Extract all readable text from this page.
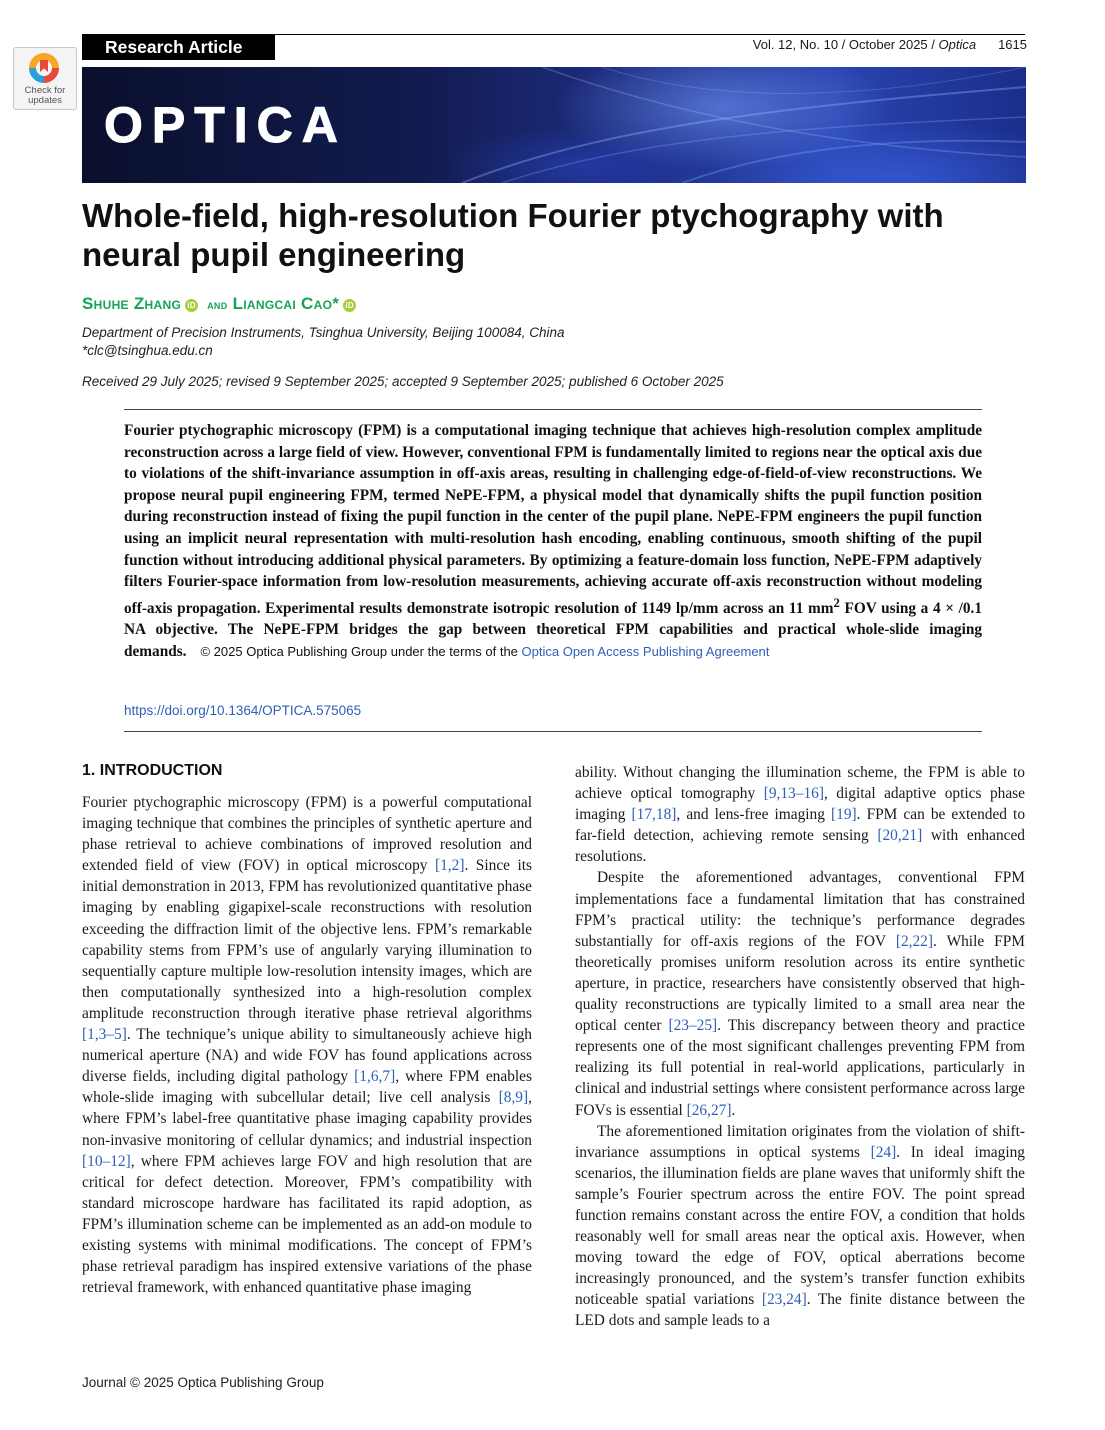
Check for
updates
Research Article	Vol. 12, No. 10 / October 2025 / Optica 1615
OPTICA
Whole-field, high-resolution Fourier ptychography with neural pupil engineering
Shuhe Zhang iD and Liangcai Cao* iD
Department of Precision Instruments, Tsinghua University, Beijing 100084, China
*clc@tsinghua.edu.cn
Received 29 July 2025; revised 9 September 2025; accepted 9 September 2025; published 6 October 2025

Fourier ptychographic microscopy (FPM) is a computational imaging technique that achieves high-resolution complex amplitude reconstruction across a large field of view. However, conventional FPM is fundamentally limited to regions near the optical axis due to violations of the shift-invariance assumption in off-axis areas, resulting in challenging edge-of-field-of-view reconstructions. We propose neural pupil engineering FPM, termed NePE-FPM, a physical model that dynamically shifts the pupil function position during reconstruction instead of fixing the pupil function in the center of the pupil plane. NePE-FPM engineers the pupil function using an implicit neural representation with multi-resolution hash encoding, enabling continuous, smooth shifting of the pupil function without introducing additional physical parameters. By optimizing a feature-domain loss function, NePE-FPM adaptively filters Fourier-space information from low-resolution measurements, achieving accurate off-axis reconstruction without modeling off-axis propagation. Experimental results demonstrate isotropic resolution of 1149 lp/mm across an 11 $mm^2$ FOV using a 4 × /0.1 NA objective. The NePE-FPM bridges the gap between theoretical FPM capabilities and practical whole-slide imaging demands. © 2025 Optica Publishing Group under the terms of the Optica Open Access Publishing Agreement

https://doi.org/10.1364/OPTICA.575065
1. INTRODUCTION

Fourier ptychographic microscopy (FPM) is a powerful computational imaging technique that combines the principles of synthetic aperture and phase retrieval to achieve combinations of improved resolution and extended field of view (FOV) in optical microscopy [1,2]. Since its initial demonstration in 2013, FPM has revolutionized quantitative phase imaging by enabling gigapixel-scale reconstructions with resolution exceeding the diffraction limit of the objective lens. FPM’s remarkable capability stems from FPM’s use of angularly varying illumination to sequentially capture multiple low-resolution intensity images, which are then computationally synthesized into a high-resolution complex amplitude reconstruction through iterative phase retrieval algorithms [1,3–5]. The technique’s unique ability to simultaneously achieve high numerical aperture (NA) and wide FOV has found applications across diverse fields, including digital pathology [1,6,7], where FPM enables whole-slide imaging with subcellular detail; live cell analysis [8,9], where FPM’s label-free quantitative phase imaging capability provides non-invasive monitoring of cellular dynamics; and industrial inspection [10–12], where FPM achieves large FOV and high resolution that are critical for defect detection. Moreover, FPM’s compatibility with standard microscope hardware has facilitated its rapid adoption, as FPM’s illumination scheme can be implemented as an add-on module to existing systems with minimal modifications. The concept of FPM’s phase retrieval paradigm has inspired extensive variations of the phase retrieval framework, with enhanced quantitative phase imaging

ability. Without changing the illumination scheme, the FPM is able to achieve optical tomography [9,13–16], digital adaptive optics phase imaging [17,18], and lens-free imaging [19]. FPM can be extended to far-field detection, achieving remote sensing [20,21] with enhanced resolutions.

Despite the aforementioned advantages, conventional FPM implementations face a fundamental limitation that has constrained FPM’s practical utility: the technique’s performance degrades substantially for off-axis regions of the FOV [2,22]. While FPM theoretically promises uniform resolution across its entire synthetic aperture, in practice, researchers have consistently observed that high-quality reconstructions are typically limited to a small area near the optical center [23–25]. This discrepancy between theory and practice represents one of the most significant challenges preventing FPM from realizing its full potential in real-world applications, particularly in clinical and industrial settings where consistent performance across large FOVs is essential [26,27].

The aforementioned limitation originates from the violation of shift-invariance assumptions in optical systems [24]. In ideal imaging scenarios, the illumination fields are plane waves that uniformly shift the sample’s Fourier spectrum across the entire FOV. The point spread function remains constant across the entire FOV, a condition that holds reasonably well for small areas near the optical axis. However, when moving toward the edge of FOV, optical aberrations become increasingly pronounced, and the system’s transfer function exhibits noticeable spatial variations [23,24]. The finite distance between the LED dots and sample leads to a

Journal © 2025 Optica Publishing Group
